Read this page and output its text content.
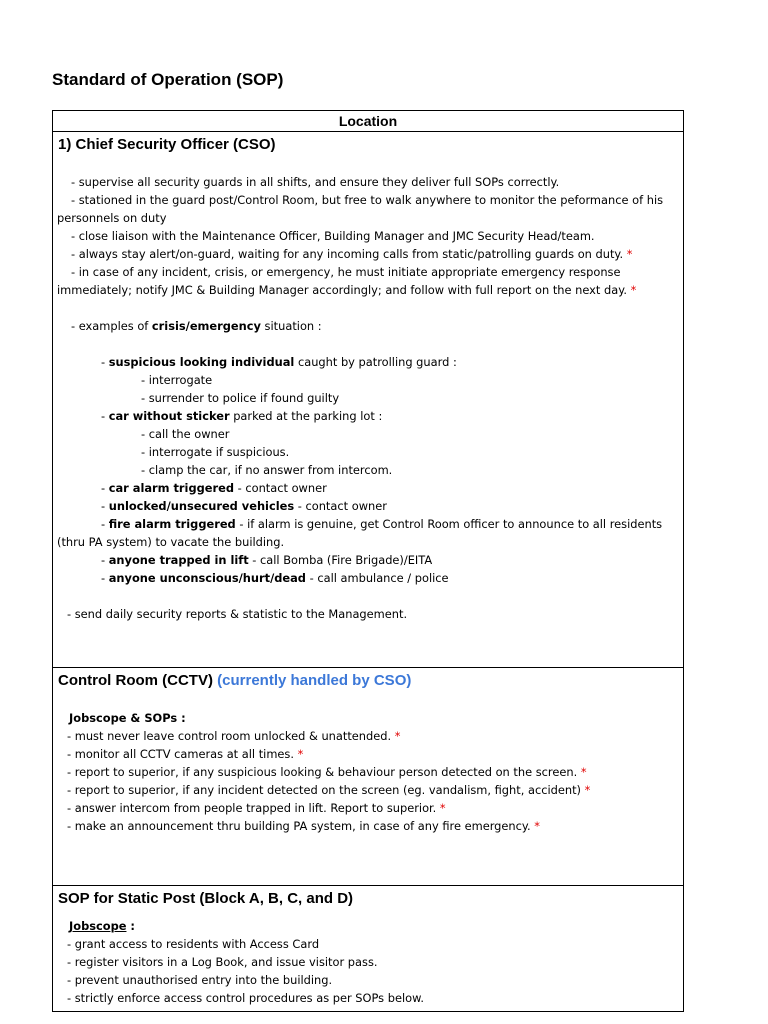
Standard of Operation (SOP)
Location

1) Chief Security Officer (CSO)
- supervise all security guards in all shifts, and ensure they deliver full SOPs correctly.
- stationed in the guard post/Control Room, but free to walk anywhere to monitor the peformance of his personnels on duty
- close liaison with the Maintenance Officer, Building Manager and JMC Security Head/team.
- always stay alert/on-guard, waiting for any incoming calls from static/patrolling guards on duty. *
- in case of any incident, crisis, or emergency, he must initiate appropriate emergency response immediately; notify JMC & Building Manager accordingly; and follow with full report on the next day. *
- examples of crisis/emergency situation :
- suspicious looking individual caught by patrolling guard :
- interrogate
- surrender to police if found guilty
- car without sticker parked at the parking lot :
- call the owner
- interrogate if suspicious.
- clamp the car, if no answer from intercom.
- car alarm triggered - contact owner
- unlocked/unsecured vehicles - contact owner
- fire alarm triggered - if alarm is genuine, get Control Room officer to announce to all residents (thru PA system) to vacate the building.
- anyone trapped in lift - call Bomba (Fire Brigade)/EITA
- anyone unconscious/hurt/dead - call ambulance / police
- send daily security reports & statistic to the Management.

Control Room (CCTV) (currently handled by CSO)
Jobscope & SOPs :
- must never leave control room unlocked & unattended. *
- monitor all CCTV cameras at all times. *
- report to superior, if any suspicious looking & behaviour person detected on the screen. *
- report to superior, if any incident detected on the screen (eg. vandalism, fight, accident) *
- answer intercom from people trapped in lift. Report to superior. *
- make an announcement thru building PA system, in case of any fire emergency. *

SOP for Static Post (Block A, B, C, and D)
Jobscope :
- grant access to residents with Access Card
- register visitors in a Log Book, and issue visitor pass.
- prevent unauthorised entry into the building.
- strictly enforce access control procedures as per SOPs below.
